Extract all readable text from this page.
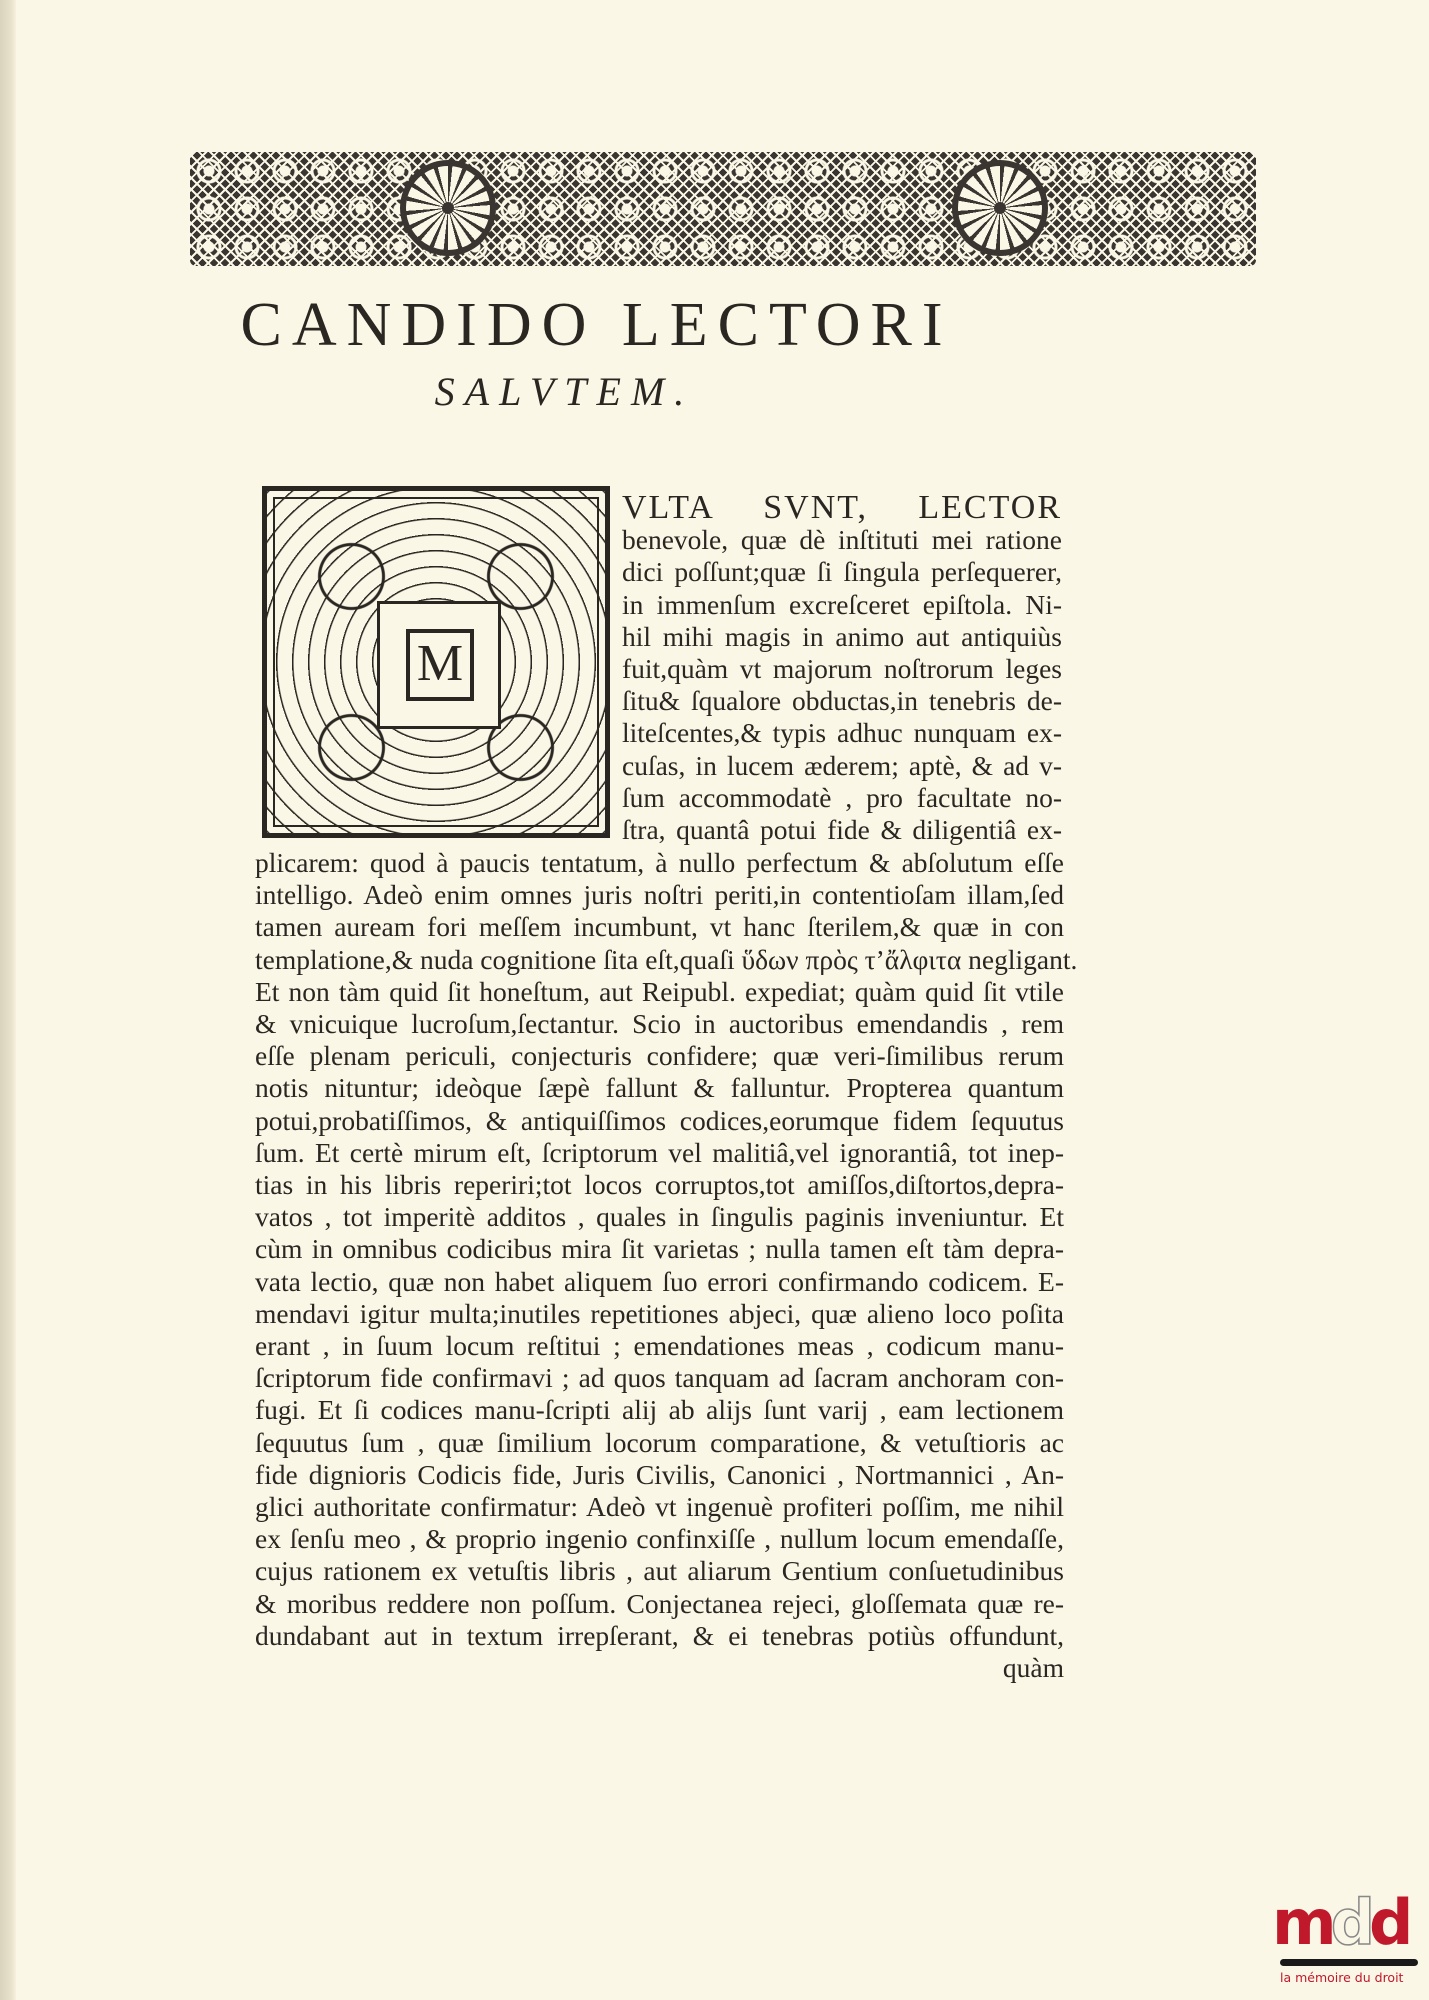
CANDIDO LECTORI
SALVTEM.
M
VLTA SVNT, LECTOR
benevole, quæ dè inſtituti mei ratione
dici poſſunt;quæ ſi ſingula perſequerer,
in immenſum excreſceret epiſtola. Ni-
hil mihi magis in animo aut antiquiùs
fuit,quàm vt majorum noſtrorum leges
ſitu& ſqualore obductas,in tenebris de-
liteſcentes,& typis adhuc nunquam ex-
cuſas, in lucem æderem; aptè, & ad v-
ſum accommodatè , pro facultate no-
ſtra, quantâ potui fide & diligentiâ ex-
plicarem: quod à paucis tentatum, à nullo perfectum & abſolutum eſſe
intelligo. Adeò enim omnes juris noſtri periti,in contentioſam illam,ſed
tamen auream fori meſſem incumbunt, vt hanc ſterilem,& quæ in con
templatione,& nuda cognitione ſita eſt,quaſi ὕδων πρὸς τ’ἄλφιτα negligant.
Et non tàm quid ſit honeſtum, aut Reipubl. expediat; quàm quid ſit vtile
& vnicuique lucroſum,ſectantur. Scio in auctoribus emendandis , rem
eſſe plenam periculi, conjecturis confidere; quæ veri-ſimilibus rerum
notis nituntur; ideòque ſæpè fallunt & falluntur. Propterea quantum
potui,probatiſſimos, & antiquiſſimos codices,eorumque fidem ſequutus
ſum. Et certè mirum eſt, ſcriptorum vel malitiâ,vel ignorantiâ, tot inep-
tias in his libris reperiri;tot locos corruptos,tot amiſſos,diſtortos,depra-
vatos , tot imperitè additos , quales in ſingulis paginis inveniuntur. Et
cùm in omnibus codicibus mira ſit varietas ; nulla tamen eſt tàm depra-
vata lectio, quæ non habet aliquem ſuo errori confirmando codicem. E-
mendavi igitur multa;inutiles repetitiones abjeci, quæ alieno loco poſita
erant , in ſuum locum reſtitui ; emendationes meas , codicum manu-
ſcriptorum fide confirmavi ; ad quos tanquam ad ſacram anchoram con-
fugi. Et ſi codices manu-ſcripti alij ab alijs ſunt varij , eam lectionem
ſequutus ſum , quæ ſimilium locorum comparatione, & vetuſtioris ac
fide dignioris Codicis fide, Juris Civilis, Canonici , Nortmannici , An-
glici authoritate confirmatur: Adeò vt ingenuè profiteri poſſim, me nihil
ex ſenſu meo , & proprio ingenio confinxiſſe , nullum locum emendaſſe,
cujus rationem ex vetuſtis libris , aut aliarum Gentium conſuetudinibus
& moribus reddere non poſſum. Conjectanea rejeci, gloſſemata quæ re-
dundabant aut in textum irrepſerant, & ei tenebras potiùs offundunt,
quàm
mdd
la mémoire du droit
